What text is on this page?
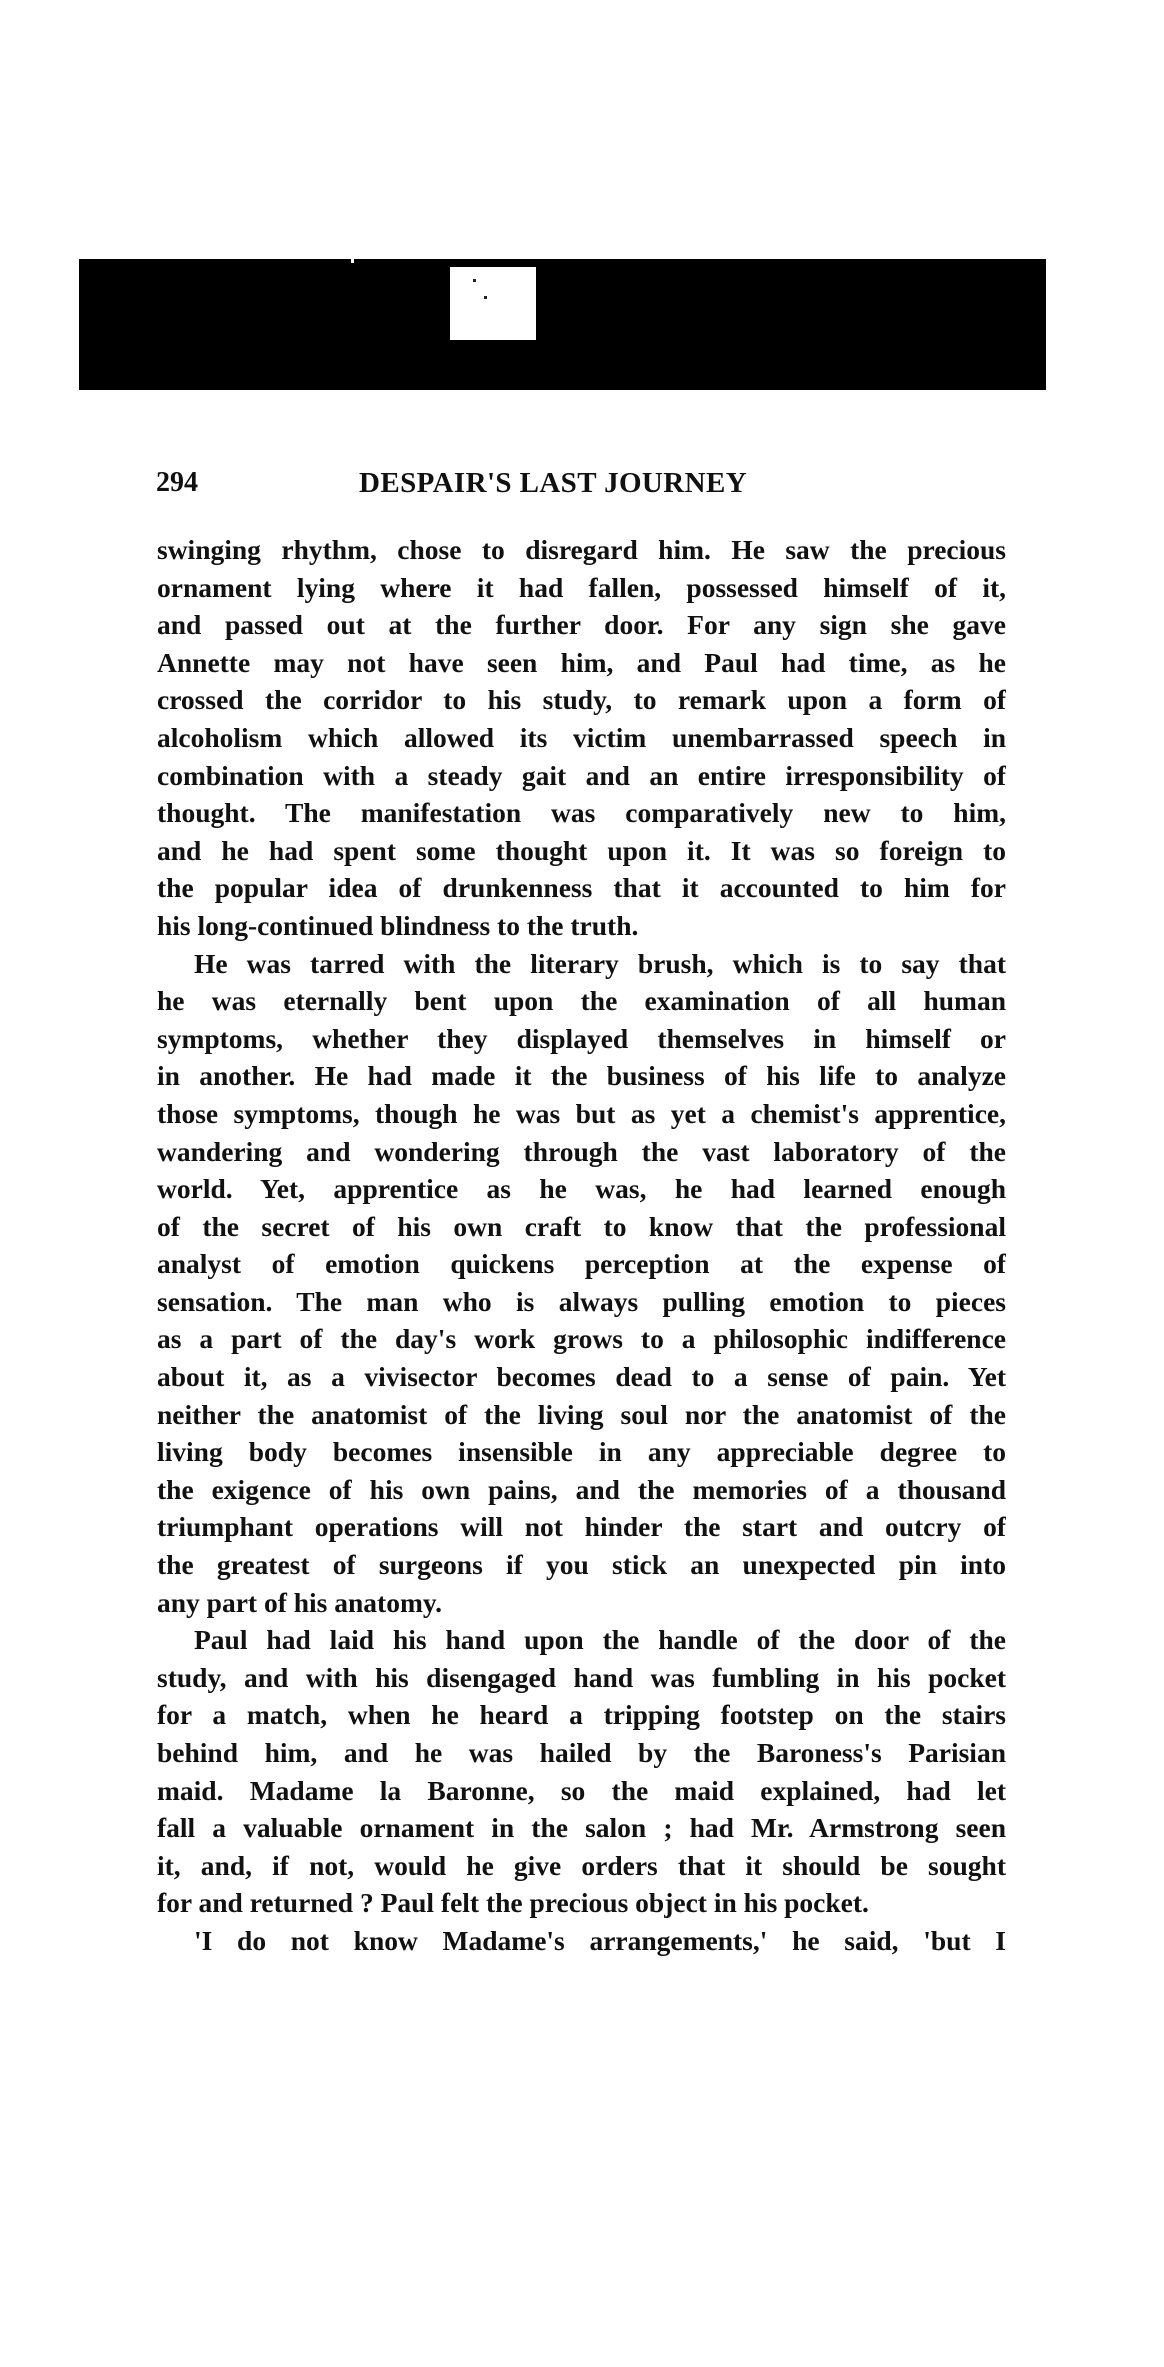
294	DESPAIR'S LAST JOURNEY
swinging rhythm, chose to disregard him. He saw the precious
ornament lying where it had fallen, possessed himself of it,
and passed out at the further door. For any sign she gave
Annette may not have seen him, and Paul had time, as he
crossed the corridor to his study, to remark upon a form of
alcoholism which allowed its victim unembarrassed speech in
combination with a steady gait and an entire irresponsibility of
thought. The manifestation was comparatively new to him,
and he had spent some thought upon it. It was so foreign to
the popular idea of drunkenness that it accounted to him for
his long-continued blindness to the truth.
He was tarred with the literary brush, which is to say that
he was eternally bent upon the examination of all human
symptoms, whether they displayed themselves in himself or
in another. He had made it the business of his life to analyze
those symptoms, though he was but as yet a chemist's apprentice,
wandering and wondering through the vast laboratory of the
world. Yet, apprentice as he was, he had learned enough
of the secret of his own craft to know that the professional
analyst of emotion quickens perception at the expense of
sensation. The man who is always pulling emotion to pieces
as a part of the day's work grows to a philosophic indifference
about it, as a vivisector becomes dead to a sense of pain. Yet
neither the anatomist of the living soul nor the anatomist of the
living body becomes insensible in any appreciable degree to
the exigence of his own pains, and the memories of a thousand
triumphant operations will not hinder the start and outcry of
the greatest of surgeons if you stick an unexpected pin into
any part of his anatomy.
Paul had laid his hand upon the handle of the door of the
study, and with his disengaged hand was fumbling in his pocket
for a match, when he heard a tripping footstep on the stairs
behind him, and he was hailed by the Baroness's Parisian
maid. Madame la Baronne, so the maid explained, had let
fall a valuable ornament in the salon ; had Mr. Armstrong seen
it, and, if not, would he give orders that it should be sought
for and returned ? Paul felt the precious object in his pocket.
'I do not know Madame's arrangements,' he said, 'but I
